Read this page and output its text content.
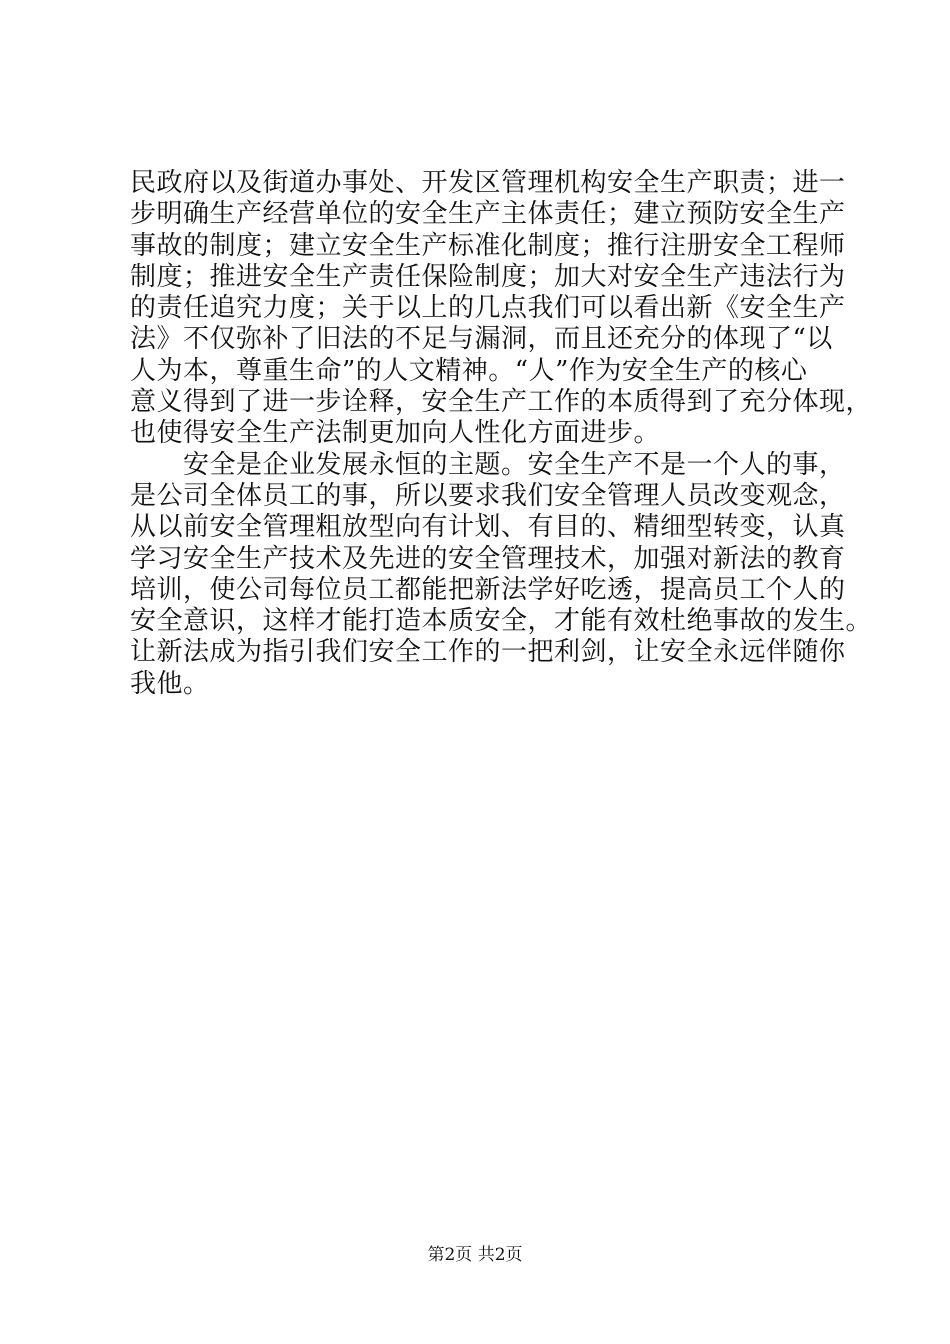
民政府以及街道办事处、开发区管理机构安全生产职责；进一
步明确生产经营单位的安全生产主体责任；建立预防安全生产
事故的制度；建立安全生产标准化制度；推行注册安全工程师
制度；推进安全生产责任保险制度；加大对安全生产违法行为
的责任追究力度；关于以上的几点我们可以看出新《安全生产
法》不仅弥补了旧法的不足与漏洞，而且还充分的体现了“以
人为本，尊重生命”的人文精神。“人”作为安全生产的核心
意义得到了进一步诠释，安全生产工作的本质得到了充分体现，
也使得安全生产法制更加向人性化方面进步。
　　安全是企业发展永恒的主题。安全生产不是一个人的事，
是公司全体员工的事，所以要求我们安全管理人员改变观念，
从以前安全管理粗放型向有计划、有目的、精细型转变，认真
学习安全生产技术及先进的安全管理技术，加强对新法的教育
培训，使公司每位员工都能把新法学好吃透，提高员工个人的
安全意识，这样才能打造本质安全，才能有效杜绝事故的发生。
让新法成为指引我们安全工作的一把利剑，让安全永远伴随你
我他。
第2页 共2页
